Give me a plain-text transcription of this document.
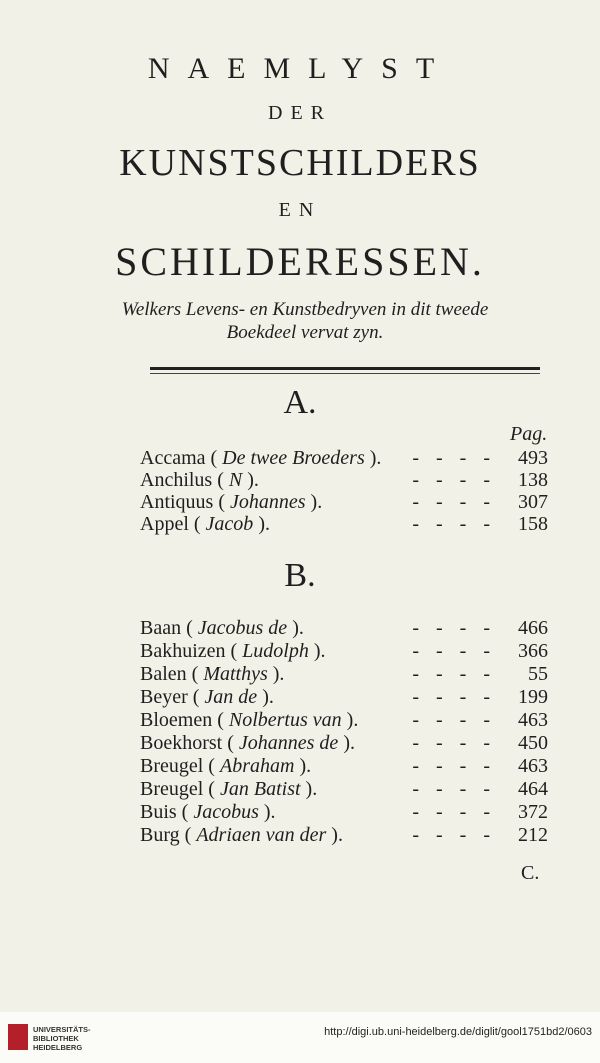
NAEMLYST
DER
KUNSTSCHILDERS
EN
SCHILDERESSEN.
Welkers Levens- en Kunstbedryven in dit tweede
Boekdeel vervat zyn.
A.
Pag.
Accama ( De twee Broeders ). - - - -	493
Anchilus ( N ).	- - - -	138
Antiquus ( Johannes ).	- - - -	307
Appel ( Jacob ).	- - - -	158
B.
Baan ( Jacobus de ).	- - - -	466
Bakhuizen ( Ludolph ).	- - - -	366
Balen ( Matthys ).	- - - -	55
Beyer ( Jan de ).	- - - -	199
Bloemen ( Nolbertus van ).	- - - -	463
Boekhorst ( Johannes de ).	- - - -	450
Breugel ( Abraham ).	- - - -	463
Breugel ( Jan Batist ).	- - - -	464
Buis ( Jacobus ).	- - - -	372
Burg ( Adriaen van der ).	- - - -	212
C.
UNIVERSITÄTS-
BIBLIOTHEK
HEIDELBERG
http://digi.ub.uni-heidelberg.de/diglit/gool1751bd2/0603
